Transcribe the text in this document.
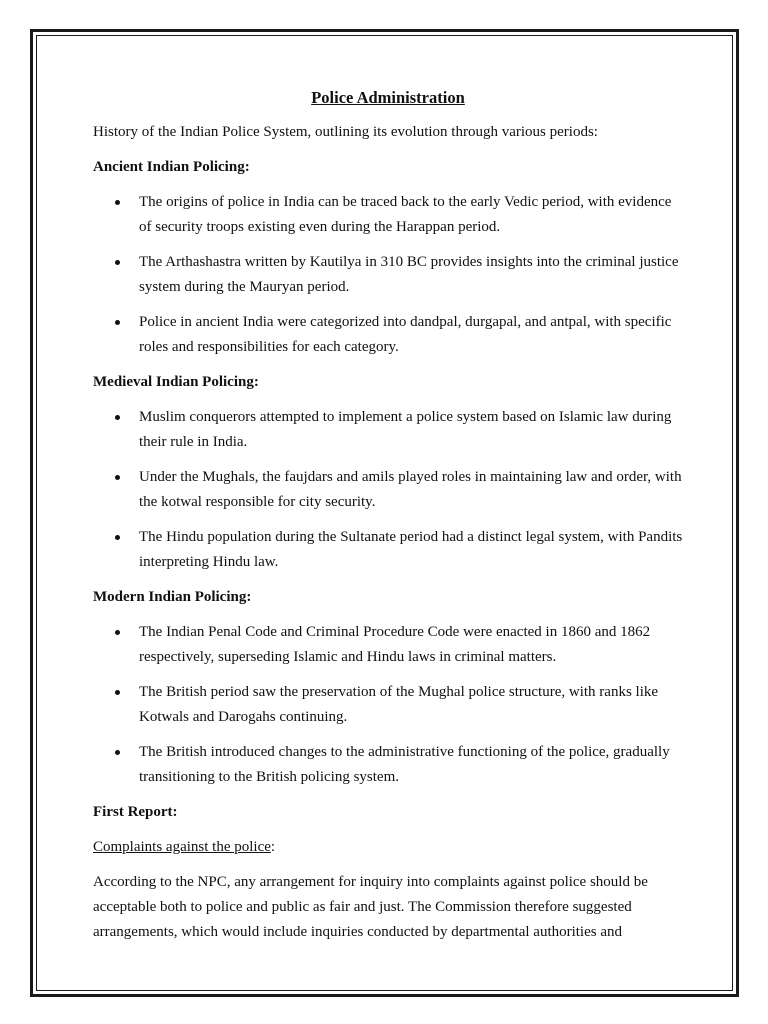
Police Administration
History of the Indian Police System, outlining its evolution through various periods:
Ancient Indian Policing:
The origins of police in India can be traced back to the early Vedic period, with evidence of security troops existing even during the Harappan period.
The Arthashastra written by Kautilya in 310 BC provides insights into the criminal justice system during the Mauryan period.
Police in ancient India were categorized into dandpal, durgapal, and antpal, with specific roles and responsibilities for each category.
Medieval Indian Policing:
Muslim conquerors attempted to implement a police system based on Islamic law during their rule in India.
Under the Mughals, the faujdars and amils played roles in maintaining law and order, with the kotwal responsible for city security.
The Hindu population during the Sultanate period had a distinct legal system, with Pandits interpreting Hindu law.
Modern Indian Policing:
The Indian Penal Code and Criminal Procedure Code were enacted in 1860 and 1862 respectively, superseding Islamic and Hindu laws in criminal matters.
The British period saw the preservation of the Mughal police structure, with ranks like Kotwals and Darogahs continuing.
The British introduced changes to the administrative functioning of the police, gradually transitioning to the British policing system.
First Report:
Complaints against the police:
According to the NPC, any arrangement for inquiry into complaints against police should be acceptable both to police and public as fair and just. The Commission therefore suggested arrangements, which would include inquiries conducted by departmental authorities and
